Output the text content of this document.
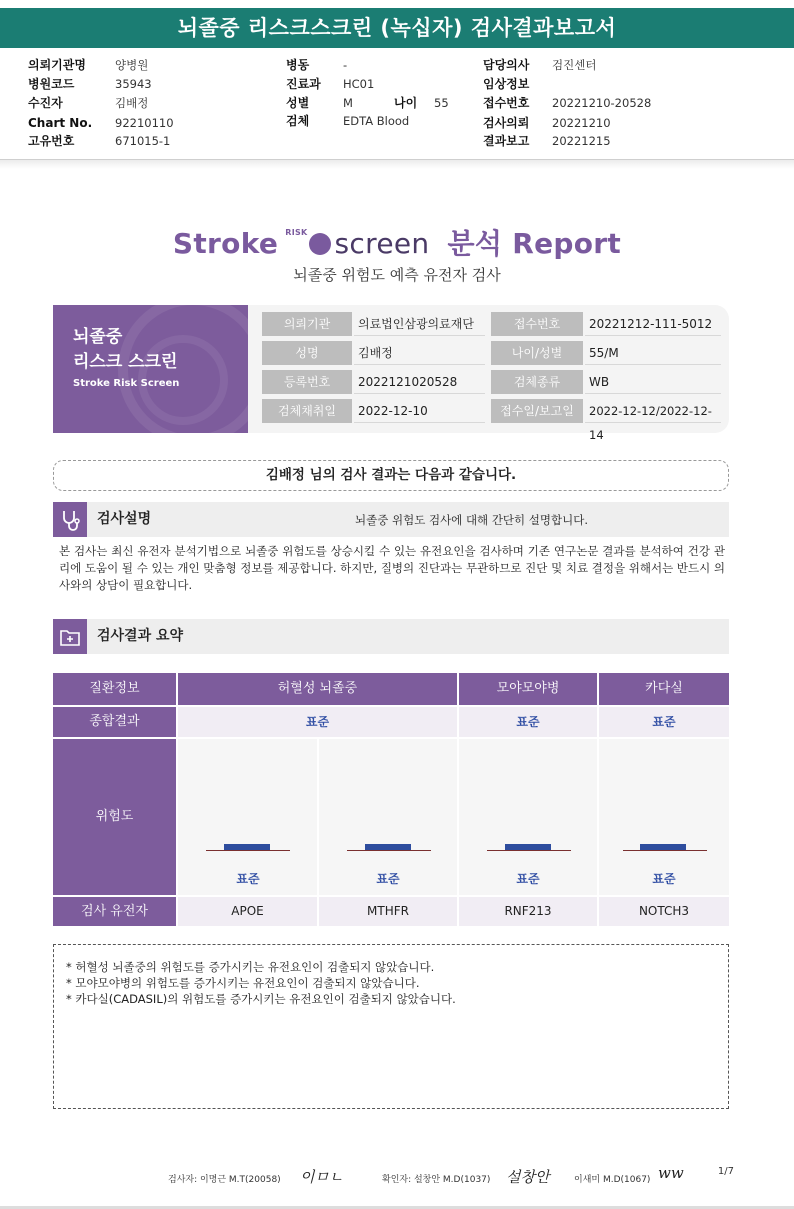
뇌졸중 리스크스크린 (녹십자) 검사결과보고서
의뢰기관명	양병원
병원코드	35943
수진자	김배정
Chart No. 92210110
고유번호	671015-1
병동	-
진료과 HC01
성별	M	나이 55
검체	EDTA Blood
담당의사 검진센터
임상정보
접수번호 20221210-20528
검사의뢰 20221210
결과보고 20221215
Stroke $^{RISK}$ screen 분석 Report
뇌졸중 위험도 예측 유전자 검사
뇌졸중
리스크 스크린
Stroke Risk Screen
의뢰기관	의료법인삼광의료재단	접수번호	20221212-111-5012
성명	김배정	나이/성별	55/M
등록번호	2022121020528	검체종류	WB
검체채취일	2022-12-10	접수일/보고일	2022-12-12/2022-12-14
김배정 님의 검사 결과는 다음과 같습니다.
검사설명	뇌졸중 위험도 검사에 대해 간단히 설명합니다.
본 검사는 최신 유전자 분석기법으로 뇌졸중 위험도를 상승시킬 수 있는 유전요인을 검사하며 기존 연구논문 결과를 분석하여 건강 관리에 도움이 될 수 있는 개인 맞춤형 정보를 제공합니다. 하지만, 질병의 진단과는 무관하므로 진단 및 치료 결정을 위해서는 반드시 의사와의 상담이 필요합니다.
검사결과 요약
질환정보	허혈성 뇌졸중	모야모야병	카다실
종합결과	표준	표준	표준
위험도
표준	표준	표준	표준
검사 유전자	APOE	MTHFR	RNF213	NOTCH3
* 허혈성 뇌졸중의 위험도를 증가시키는 유전요인이 검출되지 않았습니다.
* 모야모야병의 위험도를 증가시키는 유전요인이 검출되지 않았습니다.
* 카다실(CADASIL)의 위험도를 증가시키는 유전요인이 검출되지 않았습니다.
검사자: 이명근 M.T(20058) 이ㅁㄴ	확인자: 설창안 M.D(1037) 설창안	이새미 M.D(1067) ww	1/7
